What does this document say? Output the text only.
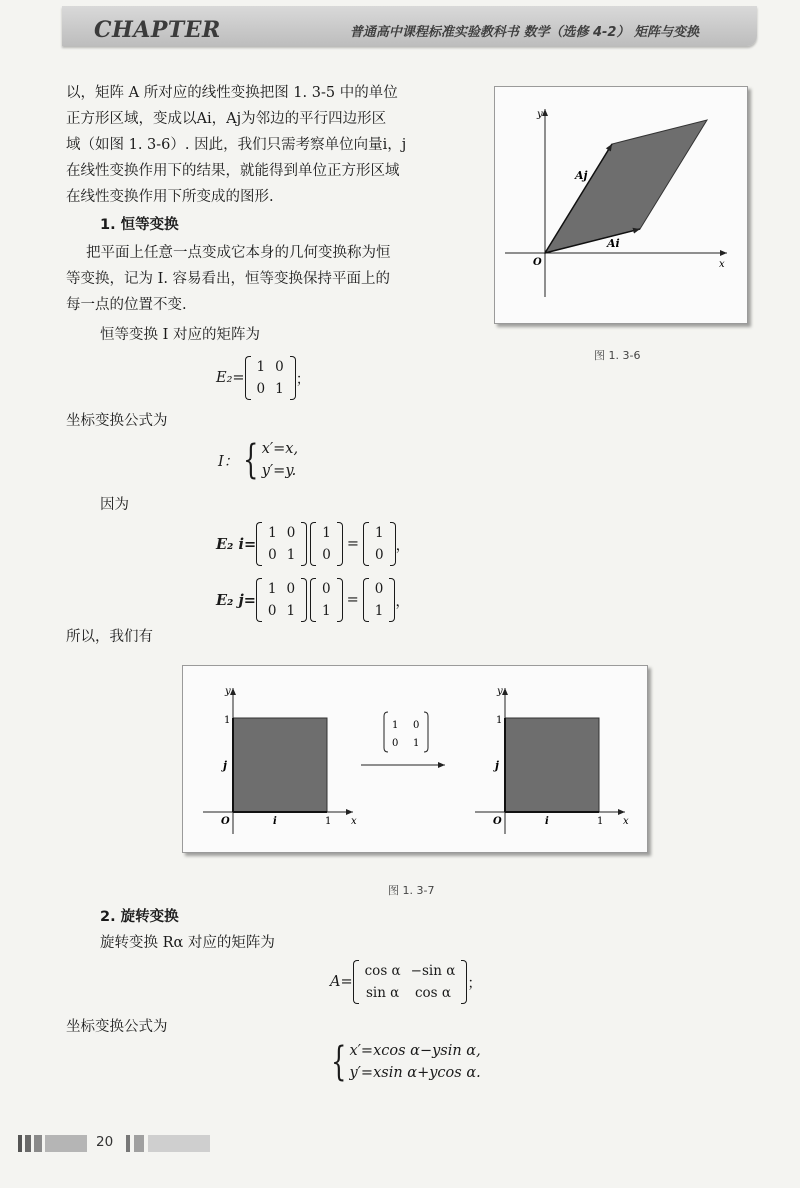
CHAPTER	普通高中课程标准实验教科书 数学（选修 4-2） 矩阵与变换
以，矩阵 A 所对应的线性变换把图 1. 3-5 中的单位
正方形区域，变成以Ai，Aj为邻边的平行四边形区
域（如图 1. 3-6）. 因此，我们只需考察单位向量i，j
在线性变换作用下的结果，就能得到单位正方形区域
在线性变换作用下所变成的图形.
1. 恒等变换
把平面上任意一点变成它本身的几何变换称为恒
等变换，记为 I. 容易看出，恒等变换保持平面上的
每一点的位置不变.
恒等变换 I 对应的矩阵为
E₂=
1	0
0	1
；
坐标变换公式为
I： { x′=x,
y′=y.
因为
E₂ i=
1	0
0	1
1
0
=
1
0
，
E₂ j=
1	0
0	1
0
1
=
0
1
，
所以，我们有
y
x
O
Aj
Ai
图 1. 3-6
y
x
O
1
1
i
j
1 0
0 1
y
x
O
1
1
i
j
图 1. 3-7
2. 旋转变换
旋转变换 Rα 对应的矩阵为
A=
cos α	−sin α
sin α	cos α
；
坐标变换公式为
{ x′=xcos α−ysin α,
y′=xsin α+ycos α.
20
